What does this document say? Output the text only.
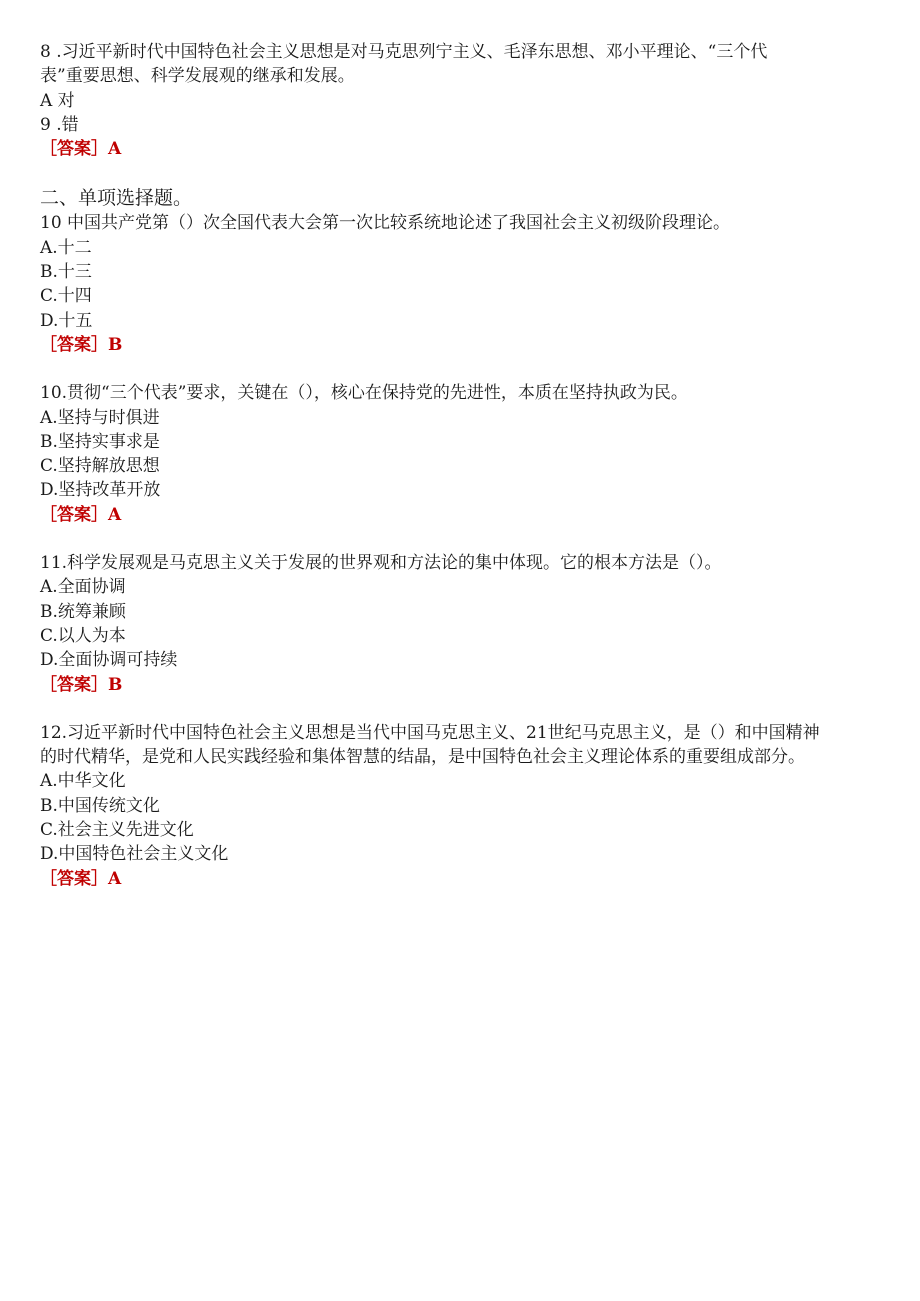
8 .习近平新时代中国特色社会主义思想是对马克思列宁主义、毛泽东思想、邓小平理论、“三个代

表”重要思想、科学发展观的继承和发展。

A 对

9 .错

［答案］A

二、单项选择题。

10 中国共产党第（）次全国代表大会第一次比较系统地论述了我国社会主义初级阶段理论。

A.十二

B.十三

C.十四

D.十五

［答案］B

10.贯彻“三个代表”要求，关键在（），核心在保持党的先进性，本质在坚持执政为民。

A.坚持与时俱进

B.坚持实事求是

C.坚持解放思想

D.坚持改革开放

［答案］A

11.科学发展观是马克思主义关于发展的世界观和方法论的集中体现。它的根本方法是（）。

A.全面协调

B.统筹兼顾

C.以人为本

D.全面协调可持续

［答案］B

12.习近平新时代中国特色社会主义思想是当代中国马克思主义、21世纪马克思主义，是（）和中国精神

的时代精华，是党和人民实践经验和集体智慧的结晶，是中国特色社会主义理论体系的重要组成部分。

A.中华文化

B.中国传统文化

C.社会主义先进文化

D.中国特色社会主义文化

［答案］A
